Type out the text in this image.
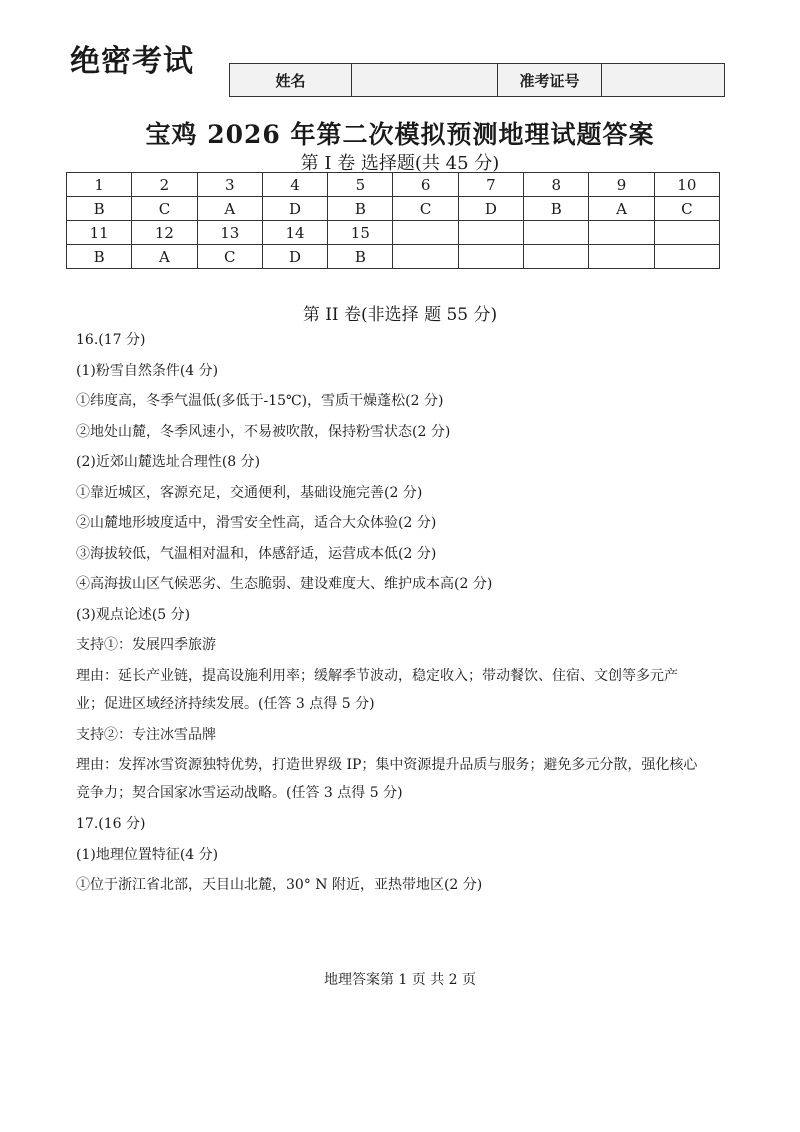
绝密考试
姓名	准考证号
宝鸡 2026 年第二次模拟预测地理试题答案
第 I 卷 选择题(共 45 分)
1	2	3	4	5	6	7	8	9	10
B	C	A	D	B	C	D	B	A	C
11	12	13	14	15					
B	A	C	D	B					
第 II 卷(非选择 题 55 分)
16.(17 分)
(1)粉雪自然条件(4 分)
①纬度高，冬季气温低(多低于-15℃)，雪质干燥蓬松(2 分)
②地处山麓，冬季风速小，不易被吹散，保持粉雪状态(2 分)
(2)近郊山麓选址合理性(8 分)
①靠近城区，客源充足，交通便利，基础设施完善(2 分)
②山麓地形坡度适中，滑雪安全性高，适合大众体验(2 分)
③海拔较低，气温相对温和，体感舒适，运营成本低(2 分)
④高海拔山区气候恶劣、生态脆弱、建设难度大、维护成本高(2 分)
(3)观点论述(5 分)
支持①：发展四季旅游
理由：延长产业链，提高设施利用率；缓解季节波动，稳定收入；带动餐饮、住宿、文创等多元产
业；促进区域经济持续发展。(任答 3 点得 5 分)
支持②：专注冰雪品牌
理由：发挥冰雪资源独特优势，打造世界级 IP；集中资源提升品质与服务；避免多元分散，强化核心
竞争力；契合国家冰雪运动战略。(任答 3 点得 5 分)
17.(16 分)
(1)地理位置特征(4 分)
①位于浙江省北部，天目山北麓，30° N 附近，亚热带地区(2 分)
地理答案第 1 页 共 2 页
